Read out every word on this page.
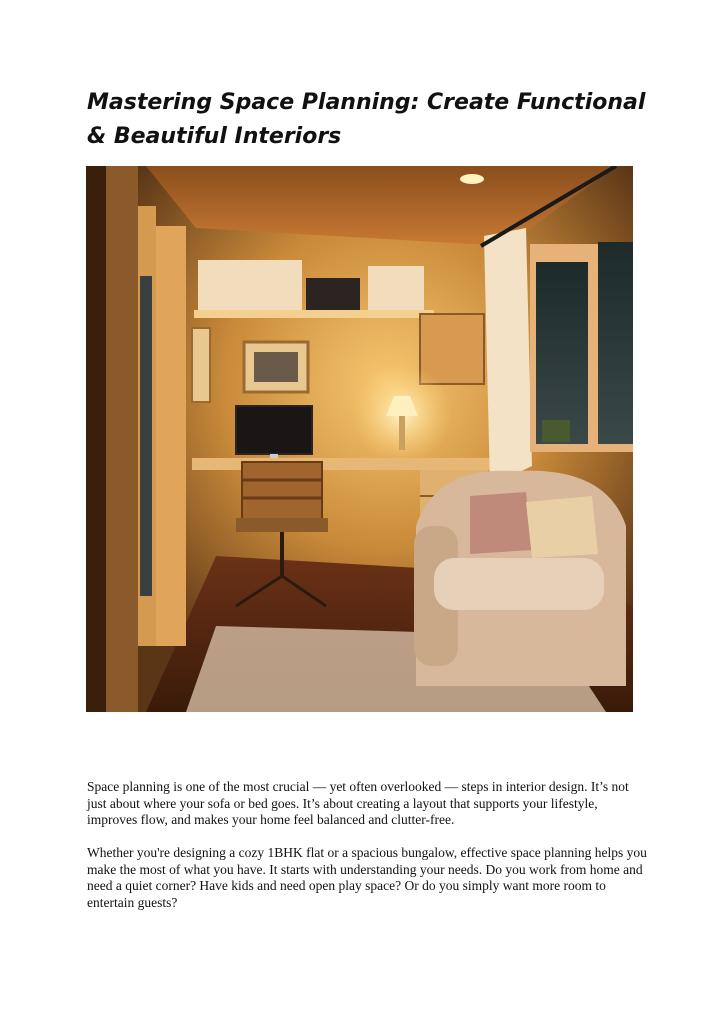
Mastering Space Planning: Create Functional & Beautiful Interiors
Space planning is one of the most crucial — yet often overlooked — steps in interior design. It’s not just about where your sofa or bed goes. It’s about creating a layout that supports your lifestyle, improves flow, and makes your home feel balanced and clutter-free.
Whether you're designing a cozy 1BHK flat or a spacious bungalow, effective space planning helps you make the most of what you have. It starts with understanding your needs. Do you work from home and need a quiet corner? Have kids and need open play space? Or do you simply want more room to entertain guests?
